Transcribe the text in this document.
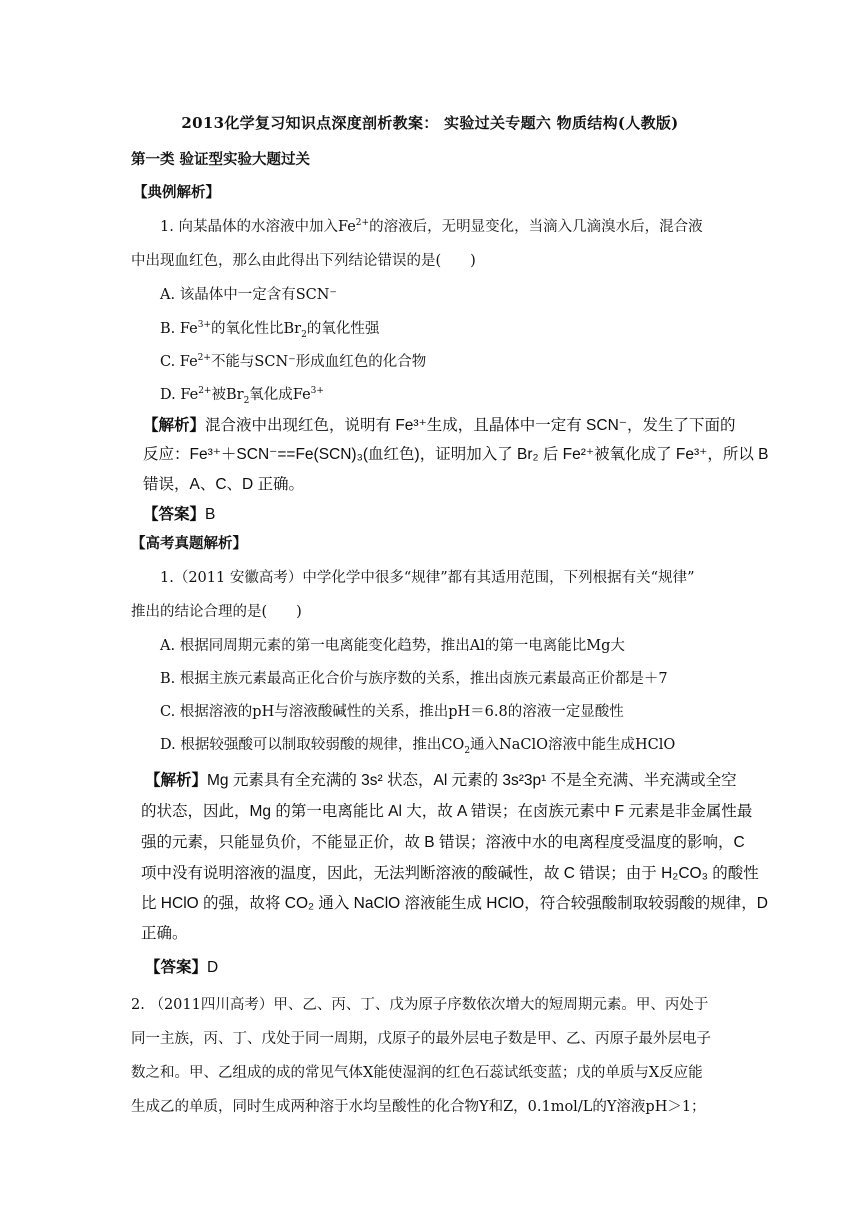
2013化学复习知识点深度剖析教案： 实验过关专题六 物质结构(人教版)
第一类 验证型实验大题过关
【典例解析】
1. 向某晶体的水溶液中加入$Fe^{2+}$的溶液后，无明显变化，当滴入几滴溴水后，混合液
中出现血红色，那么由此得出下列结论错误的是(　　)
A. 该晶体中一定含有SCN⁻
B. $Fe^{3+}$的氧化性比$Br_2$的氧化性强
C. $Fe^{2+}$不能与SCN⁻形成血红色的化合物
D. $Fe^{2+}$被$Br_2$氧化成$Fe^{3+}$
【解析】混合液中出现红色，说明有 Fe³⁺生成，且晶体中一定有 SCN⁻，发生了下面的
反应：Fe³⁺＋SCN⁻==Fe(SCN)₃(血红色)，证明加入了 Br₂ 后 Fe²⁺被氧化成了 Fe³⁺，所以 B
错误，A、C、D 正确。
【答案】B
【高考真题解析】
1.（2011 安徽高考）中学化学中很多“规律”都有其适用范围，下列根据有关“规律”
推出的结论合理的是(　　)
A. 根据同周期元素的第一电离能变化趋势，推出Al的第一电离能比Mg大
B. 根据主族元素最高正化合价与族序数的关系，推出卤族元素最高正价都是＋7
C. 根据溶液的pH与溶液酸碱性的关系，推出pH＝6.8的溶液一定显酸性
D. 根据较强酸可以制取较弱酸的规律，推出$CO_2$通入NaClO溶液中能生成HClO
【解析】Mg 元素具有全充满的 3s² 状态，Al 元素的 3s²3p¹ 不是全充满、半充满或全空
的状态，因此，Mg 的第一电离能比 Al 大，故 A 错误；在卤族元素中 F 元素是非金属性最
强的元素，只能显负价，不能显正价，故 B 错误；溶液中水的电离程度受温度的影响，C
项中没有说明溶液的温度，因此，无法判断溶液的酸碱性，故 C 错误；由于 H₂CO₃ 的酸性
比 HClO 的强，故将 CO₂ 通入 NaClO 溶液能生成 HClO，符合较强酸制取较弱酸的规律，D
正确。
【答案】D
2. （2011四川高考）甲、乙、丙、丁、戊为原子序数依次增大的短周期元素。甲、丙处于
同一主族，丙、丁、戊处于同一周期，戊原子的最外层电子数是甲、乙、丙原子最外层电子
数之和。甲、乙组成的成的常见气体X能使湿润的红色石蕊试纸变蓝；戊的单质与X反应能
生成乙的单质，同时生成两种溶于水均呈酸性的化合物Y和Z，0.1mol/L的Y溶液pH＞1；
